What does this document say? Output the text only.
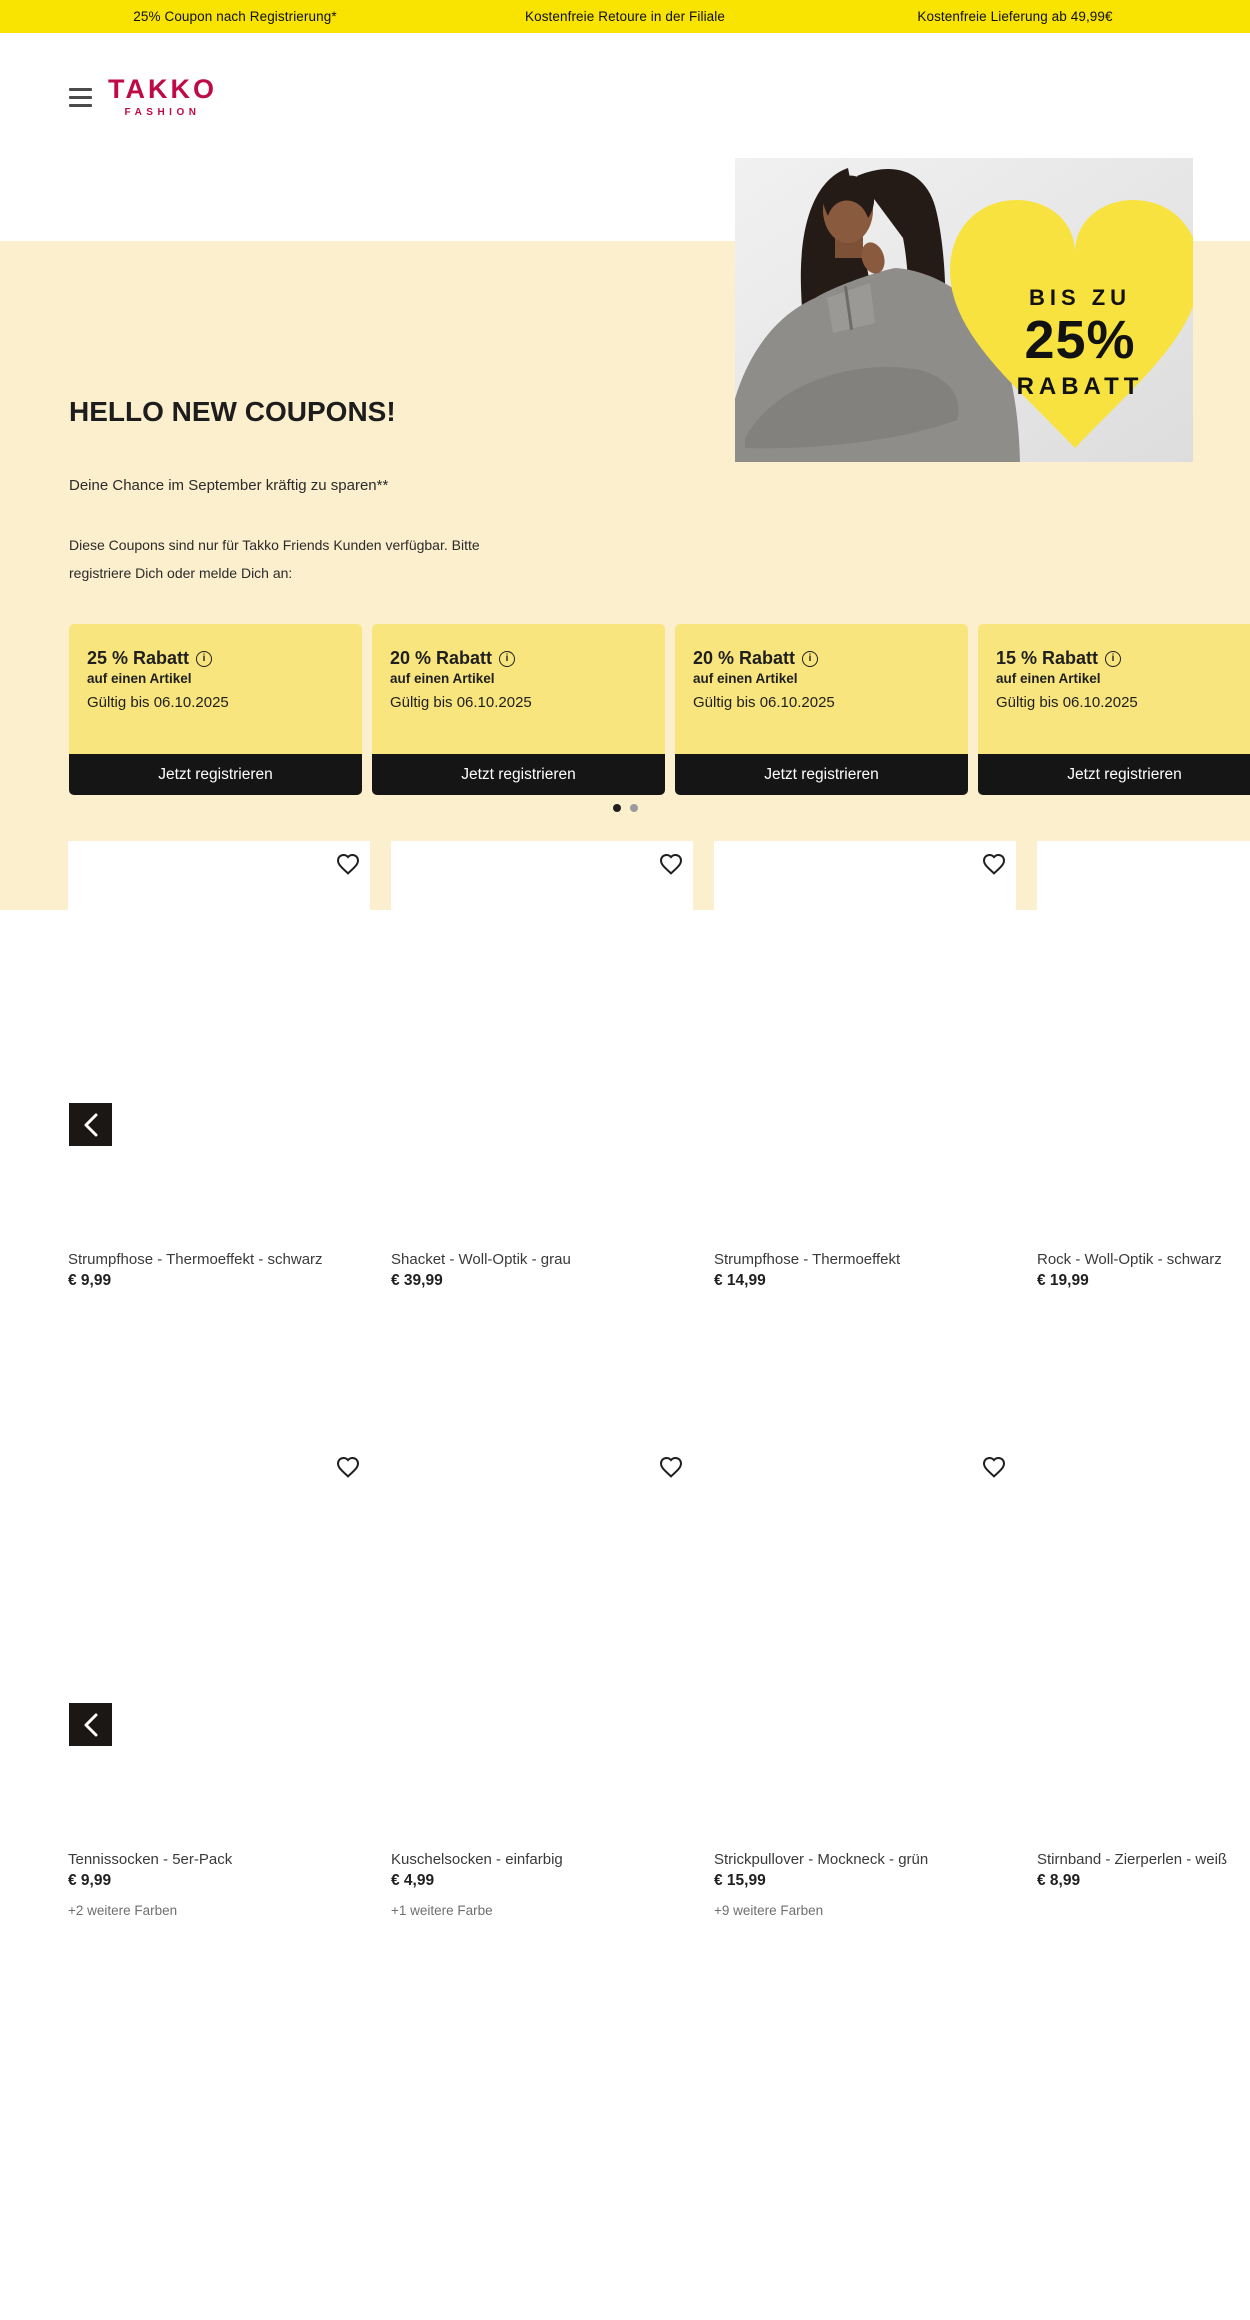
25% Coupon nach Registrierung*	Kostenfreie Retoure in der Filiale	Kostenfreie Lieferung ab 49,99€
TAKKO
FASHION
BIS ZU
25%
RABATT
HELLO NEW COUPONS!
Deine Chance im September kräftig zu sparen**
Diese Coupons sind nur für Takko Friends Kunden verfügbar. Bitte
registriere Dich oder melde Dich an:
25 % Rabatt	i
auf einen Artikel
Gültig bis 06.10.2025
Jetzt registrieren
20 % Rabatt	i
auf einen Artikel
Gültig bis 06.10.2025
Jetzt registrieren
20 % Rabatt	i
auf einen Artikel
Gültig bis 06.10.2025
Jetzt registrieren
15 % Rabatt	i
auf einen Artikel
Gültig bis 06.10.2025
Jetzt registrieren
Strumpfhose - Thermoeffekt - schwarz
€ 9,99
Shacket - Woll-Optik - grau
€ 39,99
Strumpfhose - Thermoeffekt
€ 14,99
Rock - Woll-Optik - schwarz
€ 19,99
Tennissocken - 5er-Pack
€ 9,99
+2 weitere Farben
Kuschelsocken - einfarbig
€ 4,99
+1 weitere Farbe
Strickpullover - Mockneck - grün
€ 15,99
+9 weitere Farben
Stirnband - Zierperlen - weiß
€ 8,99
